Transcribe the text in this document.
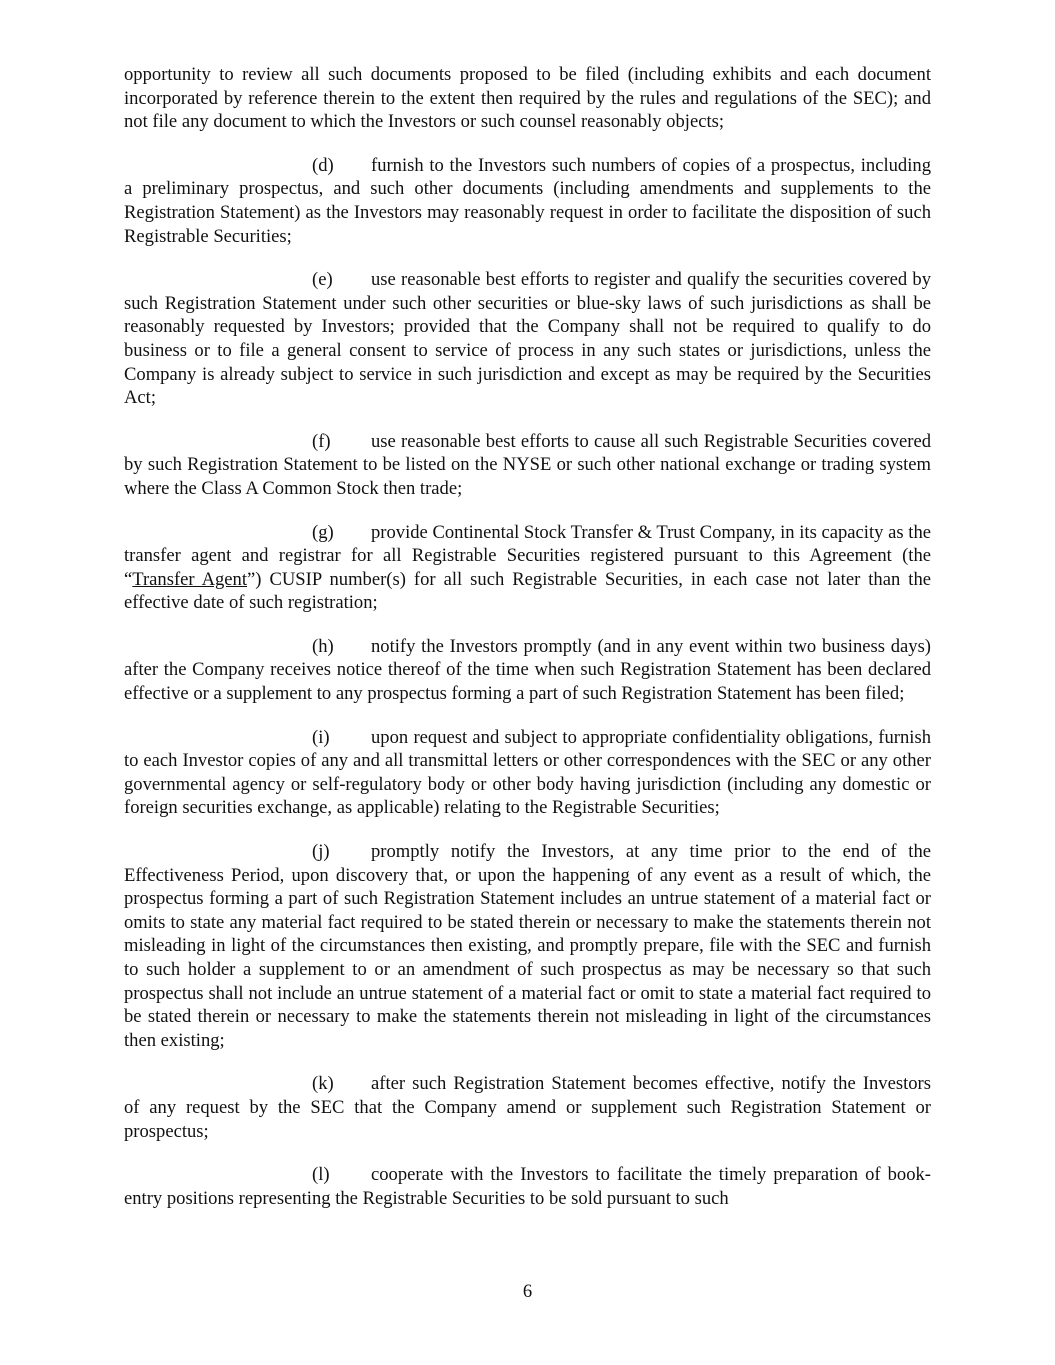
opportunity to review all such documents proposed to be filed (including exhibits and each document incorporated by reference therein to the extent then required by the rules and regulations of the SEC); and not file any document to which the Investors or such counsel reasonably objects;

(d) furnish to the Investors such numbers of copies of a prospectus, including a preliminary prospectus, and such other documents (including amendments and supplements to the Registration Statement) as the Investors may reasonably request in order to facilitate the disposition of such Registrable Securities;

(e) use reasonable best efforts to register and qualify the securities covered by such Registration Statement under such other securities or blue-sky laws of such jurisdictions as shall be reasonably requested by Investors; provided that the Company shall not be required to qualify to do business or to file a general consent to service of process in any such states or jurisdictions, unless the Company is already subject to service in such jurisdiction and except as may be required by the Securities Act;

(f) use reasonable best efforts to cause all such Registrable Securities covered by such Registration Statement to be listed on the NYSE or such other national exchange or trading system where the Class A Common Stock then trade;

(g) provide Continental Stock Transfer & Trust Company, in its capacity as the transfer agent and registrar for all Registrable Securities registered pursuant to this Agreement (the “Transfer Agent”) CUSIP number(s) for all such Registrable Securities, in each case not later than the effective date of such registration;

(h) notify the Investors promptly (and in any event within two business days) after the Company receives notice thereof of the time when such Registration Statement has been declared effective or a supplement to any prospectus forming a part of such Registration Statement has been filed;

(i) upon request and subject to appropriate confidentiality obligations, furnish to each Investor copies of any and all transmittal letters or other correspondences with the SEC or any other governmental agency or self-regulatory body or other body having jurisdiction (including any domestic or foreign securities exchange, as applicable) relating to the Registrable Securities;

(j) promptly notify the Investors, at any time prior to the end of the Effectiveness Period, upon discovery that, or upon the happening of any event as a result of which, the prospectus forming a part of such Registration Statement includes an untrue statement of a material fact or omits to state any material fact required to be stated therein or necessary to make the statements therein not misleading in light of the circumstances then existing, and promptly prepare, file with the SEC and furnish to such holder a supplement to or an amendment of such prospectus as may be necessary so that such prospectus shall not include an untrue statement of a material fact or omit to state a material fact required to be stated therein or necessary to make the statements therein not misleading in light of the circumstances then existing;

(k) after such Registration Statement becomes effective, notify the Investors of any request by the SEC that the Company amend or supplement such Registration Statement or prospectus;

(l) cooperate with the Investors to facilitate the timely preparation of book-entry positions representing the Registrable Securities to be sold pursuant to such

6
